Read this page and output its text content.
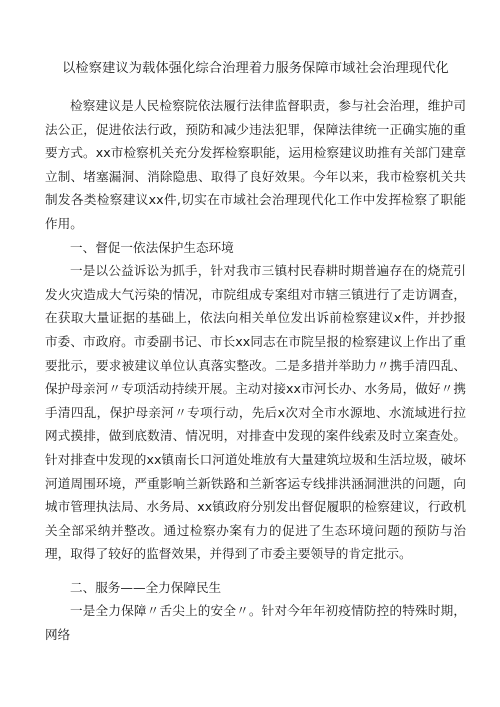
以检察建议为载体强化综合治理着力服务保障市域社会治理现代化

检察建议是人民检察院依法履行法律监督职责，参与社会治理，维护司法公正，促进依法行政，预防和减少违法犯罪，保障法律统一正确实施的重要方式。xx市检察机关充分发挥检察职能，运用检察建议助推有关部门建章立制、堵塞漏洞、消除隐患、取得了良好效果。今年以来，我市检察机关共制发各类检察建议xx件,切实在市域社会治理现代化工作中发挥检察了职能作用。

一、督促一依法保护生态环境

一是以公益诉讼为抓手，针对我市三镇村民春耕时期普遍存在的烧荒引发火灾造成大气污染的情况，市院组成专案组对市辖三镇进行了走访调查，在获取大量证据的基础上，依法向相关单位发出诉前检察建议x件，并抄报市委、市政府。市委副书记、市长xx同志在市院呈报的检察建议上作出了重要批示，要求被建议单位认真落实整改。二是多措并举助力〃携手清四乱、保护母亲河〃专项活动持续开展。主动对接xx市河长办、水务局，做好〃携手清四乱，保护母亲河〃专项行动，先后x次对全市水源地、水流域进行拉网式摸排，做到底数清、情况明，对排查中发现的案件线索及时立案查处。针对排查中发现的xx镇南长口河道处堆放有大量建筑垃圾和生活垃圾，破坏河道周围环境，严重影响兰新铁路和兰新客运专线排洪涵洞泄洪的问题，向城市管理执法局、水务局、xx镇政府分别发出督促履职的检察建议，行政机关全部采纳并整改。通过检察办案有力的促进了生态环境问题的预防与治理，取得了较好的监督效果，并得到了市委主要领导的肯定批示。

二、服务——全力保障民生

一是全力保障〃舌尖上的安全〃。针对今年年初疫情防控的特殊时期，网络
